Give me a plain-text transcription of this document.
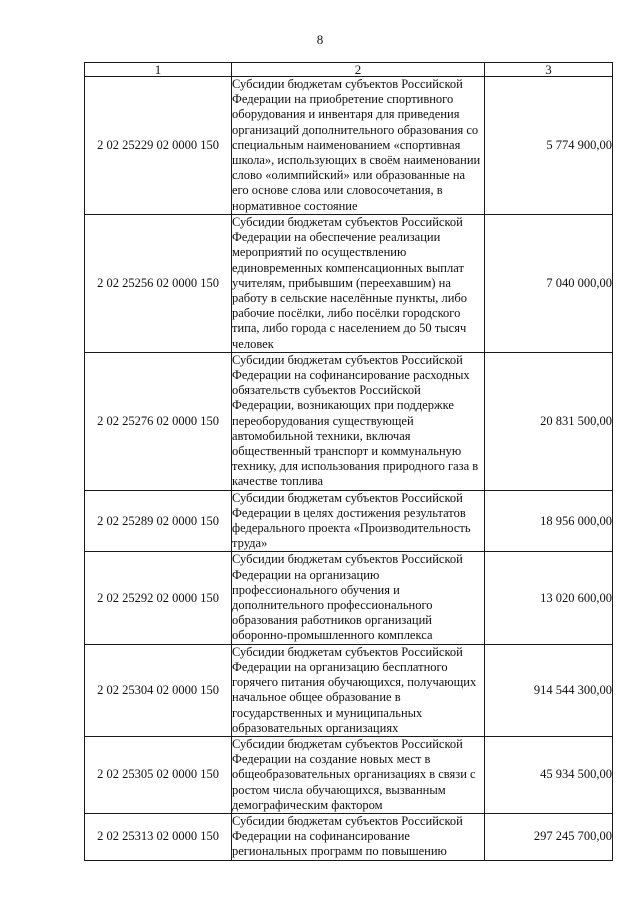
8
1	2	3
2 02 25229 02 0000 150	Субсидии бюджетам субъектов Российской Федерации на приобретение спортивного оборудования и инвентаря для приведения организаций дополнительного образования со специальным наименованием «спортивная школа», использующих в своём наименовании слово «олимпийский» или образованные на его основе слова или словосочетания, в нормативное состояние	5 774 900,00
2 02 25256 02 0000 150	Субсидии бюджетам субъектов Российской Федерации на обеспечение реализации мероприятий по осуществлению единовременных компенсационных выплат учителям, прибывшим (переехавшим) на работу в сельские населённые пункты, либо рабочие посёлки, либо посёлки городского типа, либо города с населением до 50 тысяч человек	7 040 000,00
2 02 25276 02 0000 150	Субсидии бюджетам субъектов Российской Федерации на софинансирование расходных обязательств субъектов Российской Федерации, возникающих при поддержке переоборудования существующей автомобильной техники, включая общественный транспорт и коммунальную технику, для использования природного газа в качестве топлива	20 831 500,00
2 02 25289 02 0000 150	Субсидии бюджетам субъектов Российской Федерации в целях достижения результатов федерального проекта «Производительность труда»	18 956 000,00
2 02 25292 02 0000 150	Субсидии бюджетам субъектов Российской Федерации на организацию профессионального обучения и дополнительного профессионального образования работников организаций оборонно-промышленного комплекса	13 020 600,00
2 02 25304 02 0000 150	Субсидии бюджетам субъектов Российской Федерации на организацию бесплатного горячего питания обучающихся, получающих начальное общее образование в государственных и муниципальных образовательных организациях	914 544 300,00
2 02 25305 02 0000 150	Субсидии бюджетам субъектов Российской Федерации на создание новых мест в общеобразовательных организациях в связи с ростом числа обучающихся, вызванным демографическим фактором	45 934 500,00
2 02 25313 02 0000 150	Субсидии бюджетам субъектов Российской Федерации на софинансирование региональных программ по повышению	297 245 700,00
